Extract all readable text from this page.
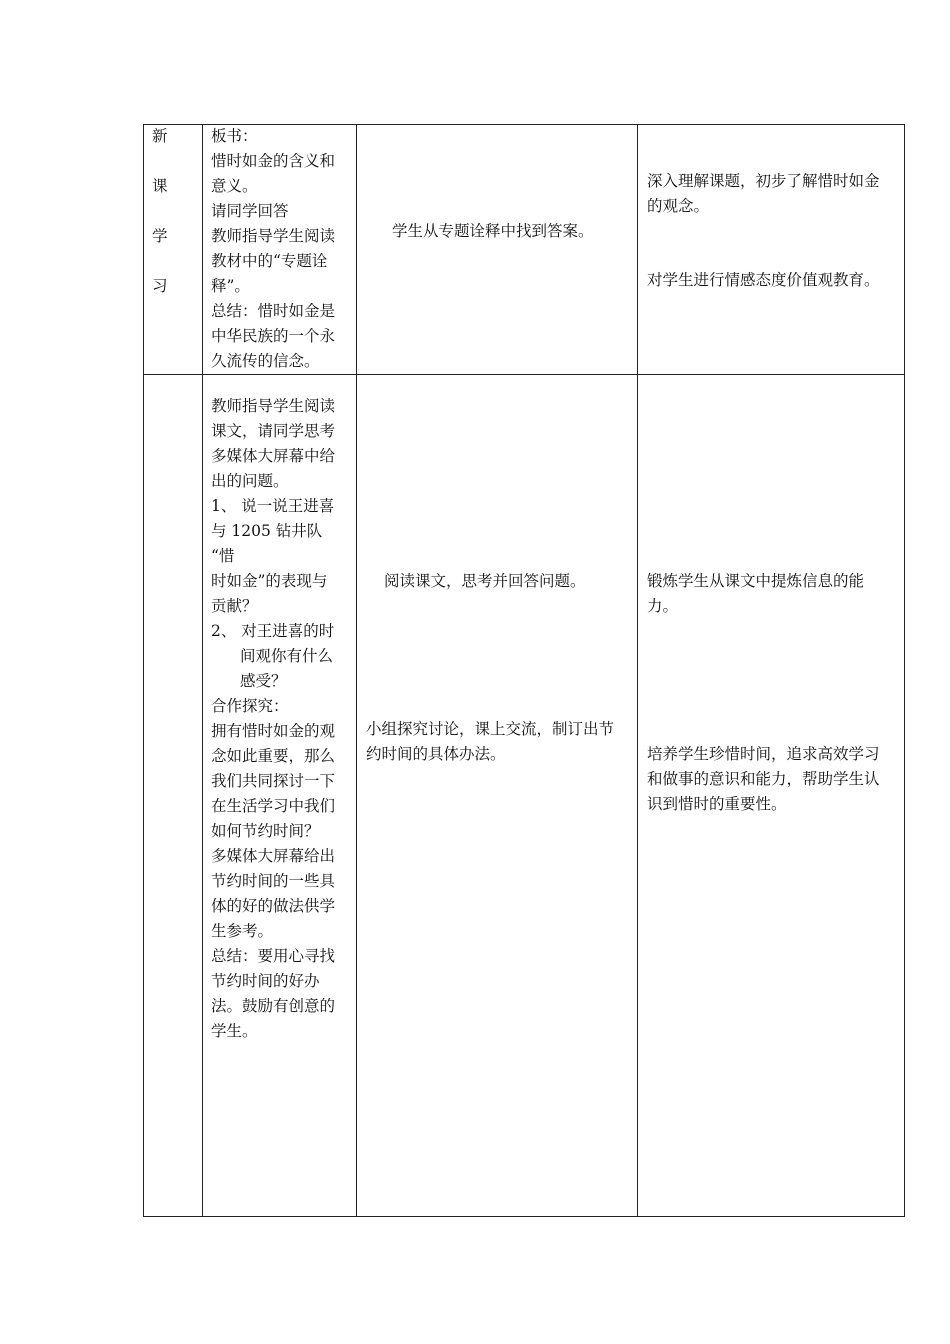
新
课
学
习
板书：
惜时如金的含义和
意义。
请同学回答
教师指导学生阅读
教材中的“专题诠
释”。
总结：惜时如金是
中华民族的一个永
久流传的信念。
学生从专题诠释中找到答案。
深入理解课题，初步了解惜时如金
的观念。
对学生进行情感态度价值观教育。
教师指导学生阅读
课文，请同学思考
多媒体大屏幕中给
出的问题。
1、 说一说王进喜
与 1205 钻井队
“惜
时如金”的表现与
贡献？
2、 对王进喜的时
间观你有什么
感受？
合作探究：
拥有惜时如金的观
念如此重要，那么
我们共同探讨一下
在生活学习中我们
如何节约时间？
多媒体大屏幕给出
节约时间的一些具
体的好的做法供学
生参考。
总结：要用心寻找
节约时间的好办
法。鼓励有创意的
学生。
阅读课文，思考并回答问题。
小组探究讨论，课上交流，制订出节
约时间的具体办法。
锻炼学生从课文中提炼信息的能
力。
培养学生珍惜时间，追求高效学习
和做事的意识和能力，帮助学生认
识到惜时的重要性。
